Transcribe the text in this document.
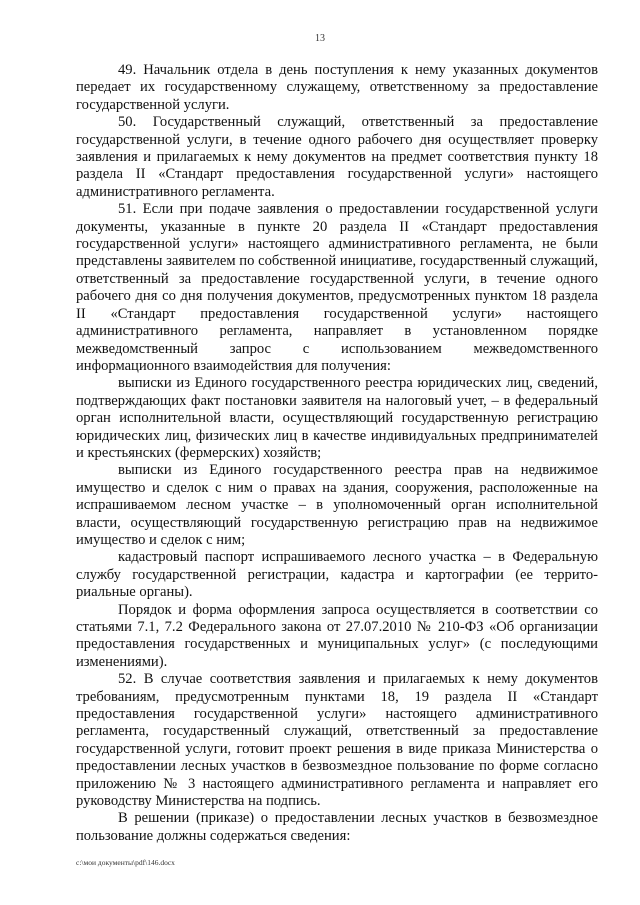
13

49. Начальник отдела в день поступления к нему указанных документов передает их государственному служащему, ответственному за предоставление государственной услуги.

50. Государственный служащий, ответственный за предоставление государственной услуги, в течение одного рабочего дня осуществляет проверку заявления и прилагаемых к нему документов на предмет соответствия пункту 18 раздела II «Стандарт предоставления государственной услуги» настоящего административного регламента.

51. Если при подаче заявления о предоставлении государственной услуги документы, указанные в пункте 20 раздела II «Стандарт предоставления государственной услуги» настоящего административного регламента, не были представлены заявителем по собственной инициативе, государственный служащий, ответственный за предоставление государственной услуги, в течение одного рабочего дня со дня получения документов, предусмотренных пунктом 18 раздела II «Стандарт предоставления государственной услуги» настоящего административного регламента, направляет в установленном порядке межведомственный запрос с использованием межведомственного информационного взаимодействия для получения:

выписки из Единого государственного реестра юридических лиц, сведений, подтверждающих факт постановки заявителя на налоговый учет, – в федеральный орган исполнительной власти, осуществляющий государственную регистрацию юридических лиц, физических лиц в качестве индивидуальных предпринимателей и крестьянских (фермерских) хозяйств;

выписки из Единого государственного реестра прав на недвижимое имущество и сделок с ним о правах на здания, сооружения, расположенные на испрашиваемом лесном участке – в уполномоченный орган исполнительной власти, осуществляющий государственную регистрацию прав на недвижимое имущество и сделок с ним;

кадастровый паспорт испрашиваемого лесного участка – в Федеральную службу государственной регистрации, кадастра и картографии (ее территориальные органы).

Порядок и форма оформления запроса осуществляется в соответствии со статьями 7.1, 7.2 Федерального закона от 27.07.2010 № 210-ФЗ «Об организации предоставления государственных и муниципальных услуг» (с последующими изменениями).

52. В случае соответствия заявления и прилагаемых к нему документов требованиям, предусмотренным пунктами 18, 19 раздела II «Стандарт предоставления государственной услуги» настоящего административного регламента, государственный служащий, ответственный за предоставление государственной услуги, готовит проект решения в виде приказа Министерства о предоставлении лесных участков в безвозмездное пользование по форме согласно приложению № 3 настоящего административного регламента и направляет его руководству Министерства на подпись.

В решении (приказе) о предоставлении лесных участков в безвозмездное пользование должны содержаться сведения:

c:\мои документы\pdf\146.docx
